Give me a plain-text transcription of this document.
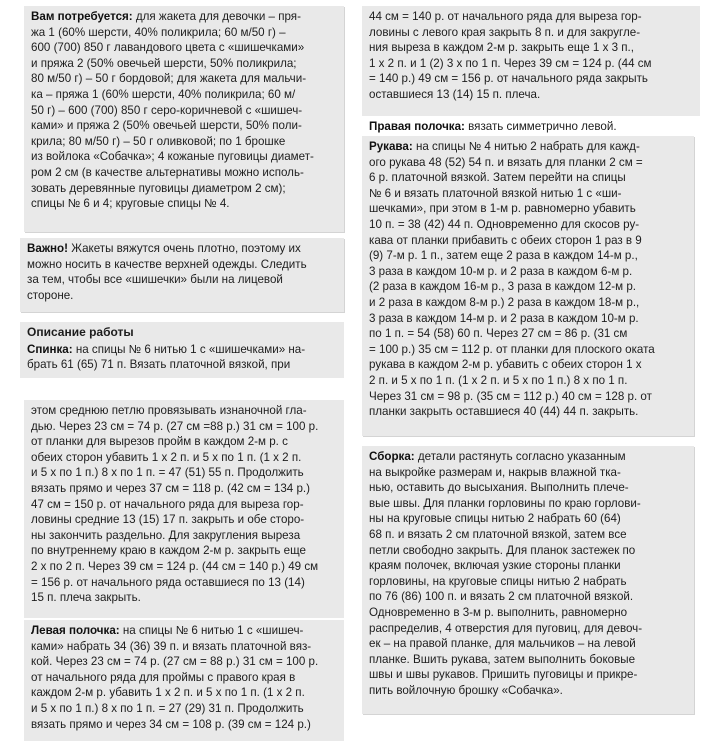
Вам потребуется: для жакета для девочки – пря-

жа 1 (60% шерсти, 40% поликрила; 60 м/50 г) –
600 (700) 850 г лавандового цвета с «шишечками»
и пряжа 2 (50% овечьей шерсти, 50% поликрила;
80 м/50 г) – 50 г бордовой; для жакета для мальчи-
ка – пряжа 1 (60% шерсти, 40% поликрила; 60 м/
50 г) – 600 (700) 850 г серо-коричневой с «шишеч-
ками» и пряжа 2 (50% овечьей шерсти, 50% поли-
крила; 80 м/50 г) – 50 г оливковой; по 1 брошке
из войлока «Собачка»; 4 кожаные пуговицы диамет-
ром 2 см (в качестве альтернативы можно исполь-
зовать деревянные пуговицы диаметром 2 см);
спицы № 6 и 4; круговые спицы № 4.

Важно! Жакеты вяжутся очень плотно, поэтому их

можно носить в качестве верхней одежды. Следить
за тем, чтобы все «шишечки» были на лицевой
стороне.

Описание работы

Спинка: на спицы № 6 нитью 1 с «шишечками» на-

брать 61 (65) 71 п. Вязать платочной вязкой, при

этом среднюю петлю провязывать изнаночной гла-
дью. Через 23 см = 74 р. (27 см =88 р.) 31 см = 100 р.
от планки для вырезов пройм в каждом 2-м р. с
обеих сторон убавить 1 х 2 п. и 5 х по 1 п. (1 х 2 п.
и 5 х по 1 п.) 8 х по 1 п. = 47 (51) 55 п. Продолжить
вязать прямо и через 37 см = 118 р. (42 см = 134 р.)
47 см = 150 р. от начального ряда для выреза гор-
ловины средние 13 (15) 17 п. закрыть и обе сторо-
ны закончить раздельно. Для закругления выреза
по внутреннему краю в каждом 2-м р. закрыть еще
2 х по 2 п. Через 39 см = 124 р. (44 см = 140 р.) 49 см
= 156 р. от начального ряда оставшиеся по 13 (14)
15 п. плеча закрыть.

Левая полочка: на спицы № 6 нитью 1 с «шишеч-

ками» набрать 34 (36) 39 п. и вязать платочной вяз-
кой. Через 23 см = 74 р. (27 см = 88 р.) 31 см = 100 р.
от начального ряда для проймы с правого края в
каждом 2-м р. убавить 1 х 2 п. и 5 х по 1 п. (1 х 2 п.
и 5 х по 1 п.) 8 х по 1 п. = 27 (29) 31 п. Продолжить
вязать прямо и через 34 см = 108 р. (39 см = 124 р.)

44 см = 140 р. от начального ряда для выреза гор-
ловины с левого края закрыть 8 п. и для закругле-
ния выреза в каждом 2-м р. закрыть еще 1 х 3 п.,
1 х 2 п. и 1 (2) 3 х по 1 п. Через 39 см = 124 р. (44 см
= 140 р.) 49 см = 156 р. от начального ряда закрыть
оставшиеся 13 (14) 15 п. плеча.

Правая полочка: вязать симметрично левой.

Рукава: на спицы № 4 нитью 2 набрать для кажд-

ого рукава 48 (52) 54 п. и вязать для планки 2 см =
6 р. платочной вязкой. Затем перейти на спицы
№ 6 и вязать платочной вязкой нитью 1 с «ши-
шечками», при этом в 1-м р. равномерно убавить
10 п. = 38 (42) 44 п. Одновременно для скосов ру-
кава от планки прибавить с обеих сторон 1 раз в 9
(9) 7-м р. 1 п., затем еще 2 раза в каждом 14-м р.,
3 раза в каждом 10-м р. и 2 раза в каждом 6-м р.
(2 раза в каждом 16-м р., 3 раза в каждом 12-м р.
и 2 раза в каждом 8-м р.) 2 раза в каждом 18-м р.,
3 раза в каждом 14-м р. и 2 раза в каждом 10-м р.
по 1 п. = 54 (58) 60 п. Через 27 см = 86 р. (31 см
= 100 р.) 35 см = 112 р. от планки для плоского оката
рукава в каждом 2-м р. убавить с обеих сторон 1 х
2 п. и 5 х по 1 п. (1 х 2 п. и 5 х по 1 п.) 8 х по 1 п.
Через 31 см = 98 р. (35 см = 112 р.) 40 см = 128 р. от
планки закрыть оставшиеся 40 (44) 44 п. закрыть.

Сборка: детали растянуть согласно указанным

на выкройке размерам и, накрыв влажной тка-
нью, оставить до высыхания. Выполнить плече-
вые швы. Для планки горловины по краю горлови-
ны на круговые спицы нитью 2 набрать 60 (64)
68 п. и вязать 2 см платочной вязкой, затем все
петли свободно закрыть. Для планок застежек по
краям полочек, включая узкие стороны планки
горловины, на круговые спицы нитью 2 набрать
по 76 (86) 100 п. и вязать 2 см платочной вязкой.
Одновременно в 3-м р. выполнить, равномерно
распределив, 4 отверстия для пуговиц, для девоч-
ек – на правой планке, для мальчиков – на левой
планке. Вшить рукава, затем выполнить боковые
швы и швы рукавов. Пришить пуговицы и прикре-
пить войлочную брошку «Собачка».
